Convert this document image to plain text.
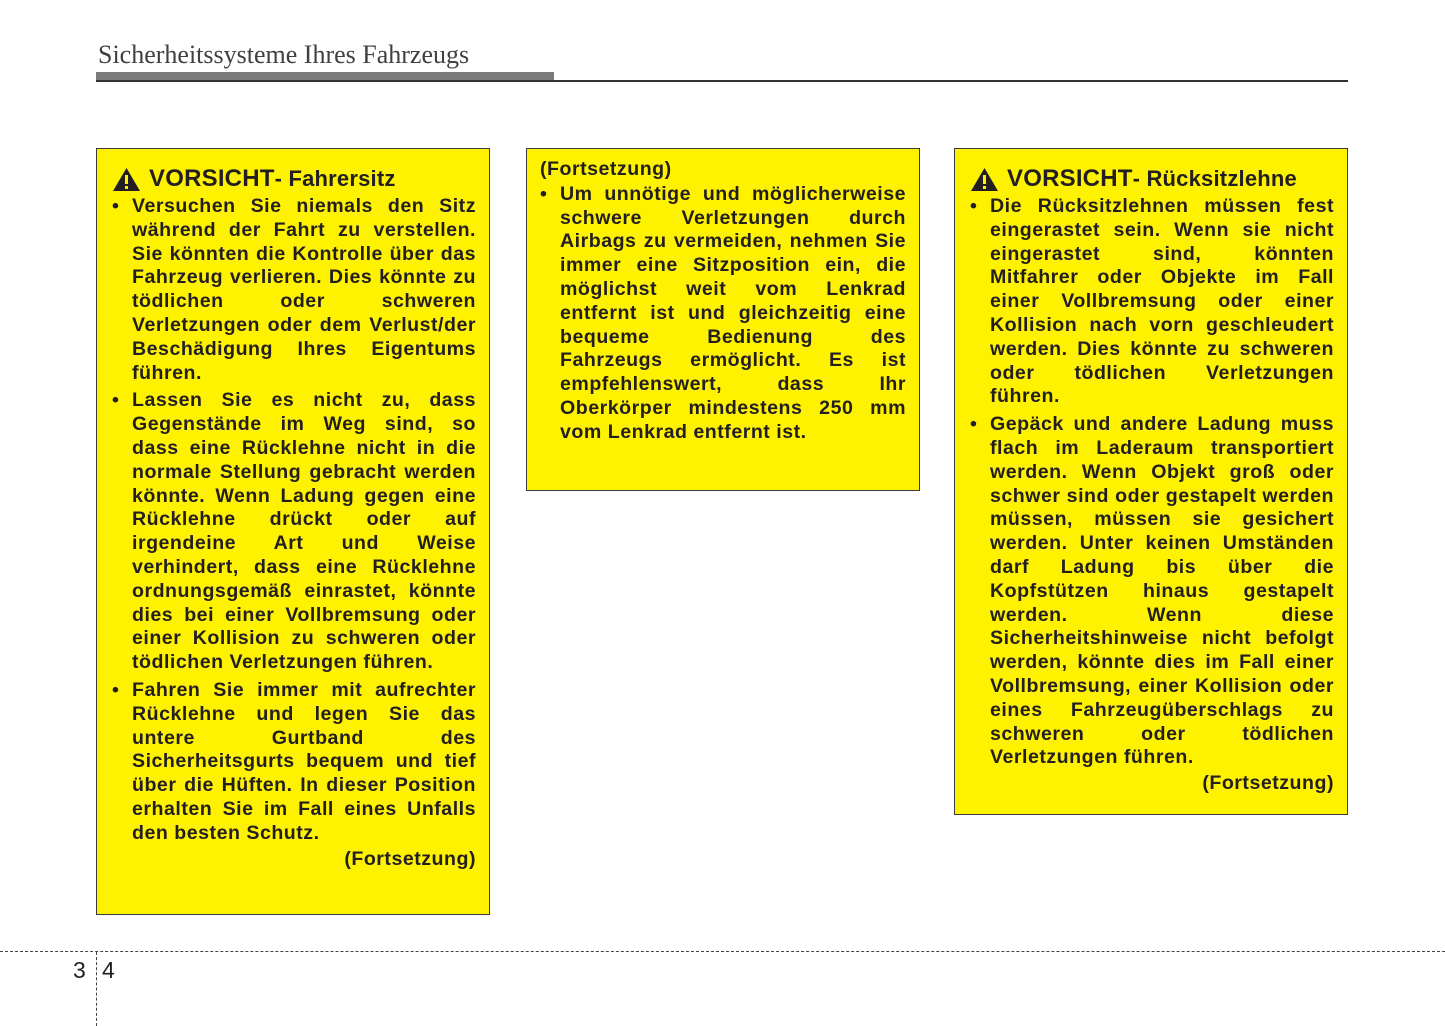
Sicherheitssysteme Ihres Fahrzeugs
VORSICHT - Fahrersitz
• Versuchen Sie niemals den Sitz während der Fahrt zu verstellen. Sie könnten die Kontrolle über das Fahrzeug verlieren. Dies könnte zu tödlichen oder schweren Verletzungen oder dem Verlust/der Beschädigung Ihres Eigentums führen.
• Lassen Sie es nicht zu, dass Gegenstände im Weg sind, so dass eine Rücklehne nicht in die normale Stellung gebracht werden könnte. Wenn Ladung gegen eine Rücklehne drückt oder auf irgendeine Art und Weise verhindert, dass eine Rücklehne ordnungsgemäß einrastet, könnte dies bei einer Vollbremsung oder einer Kollision zu schweren oder tödlichen Verletzungen führen.
• Fahren Sie immer mit aufrechter Rücklehne und legen Sie das untere Gurtband des Sicherheitsgurts bequem und tief über die Hüften. In dieser Position erhalten Sie im Fall eines Unfalls den besten Schutz.
(Fortsetzung)
(Fortsetzung)
• Um unnötige und möglicherweise schwere Verletzungen durch Airbags zu vermeiden, nehmen Sie immer eine Sitzposition ein, die möglichst weit vom Lenkrad entfernt ist und gleichzeitig eine bequeme Bedienung des Fahrzeugs ermöglicht. Es ist empfehlenswert, dass Ihr Oberkörper mindestens 250 mm vom Lenkrad entfernt ist.
VORSICHT - Rücksitzlehne
• Die Rücksitzlehnen müssen fest eingerastet sein. Wenn sie nicht eingerastet sind, könnten Mitfahrer oder Objekte im Fall einer Vollbremsung oder einer Kollision nach vorn geschleudert werden. Dies könnte zu schweren oder tödlichen Verletzungen führen.
• Gepäck und andere Ladung muss flach im Laderaum transportiert werden. Wenn Objekt groß oder schwer sind oder gestapelt werden müssen, müssen sie gesichert werden. Unter keinen Umständen darf Ladung bis über die Kopfstützen hinaus gestapelt werden. Wenn diese Sicherheitshinweise nicht befolgt werden, könnte dies im Fall einer Vollbremsung, einer Kollision oder eines Fahrzeugüberschlags zu schweren oder tödlichen Verletzungen führen.
(Fortsetzung)
3 4
